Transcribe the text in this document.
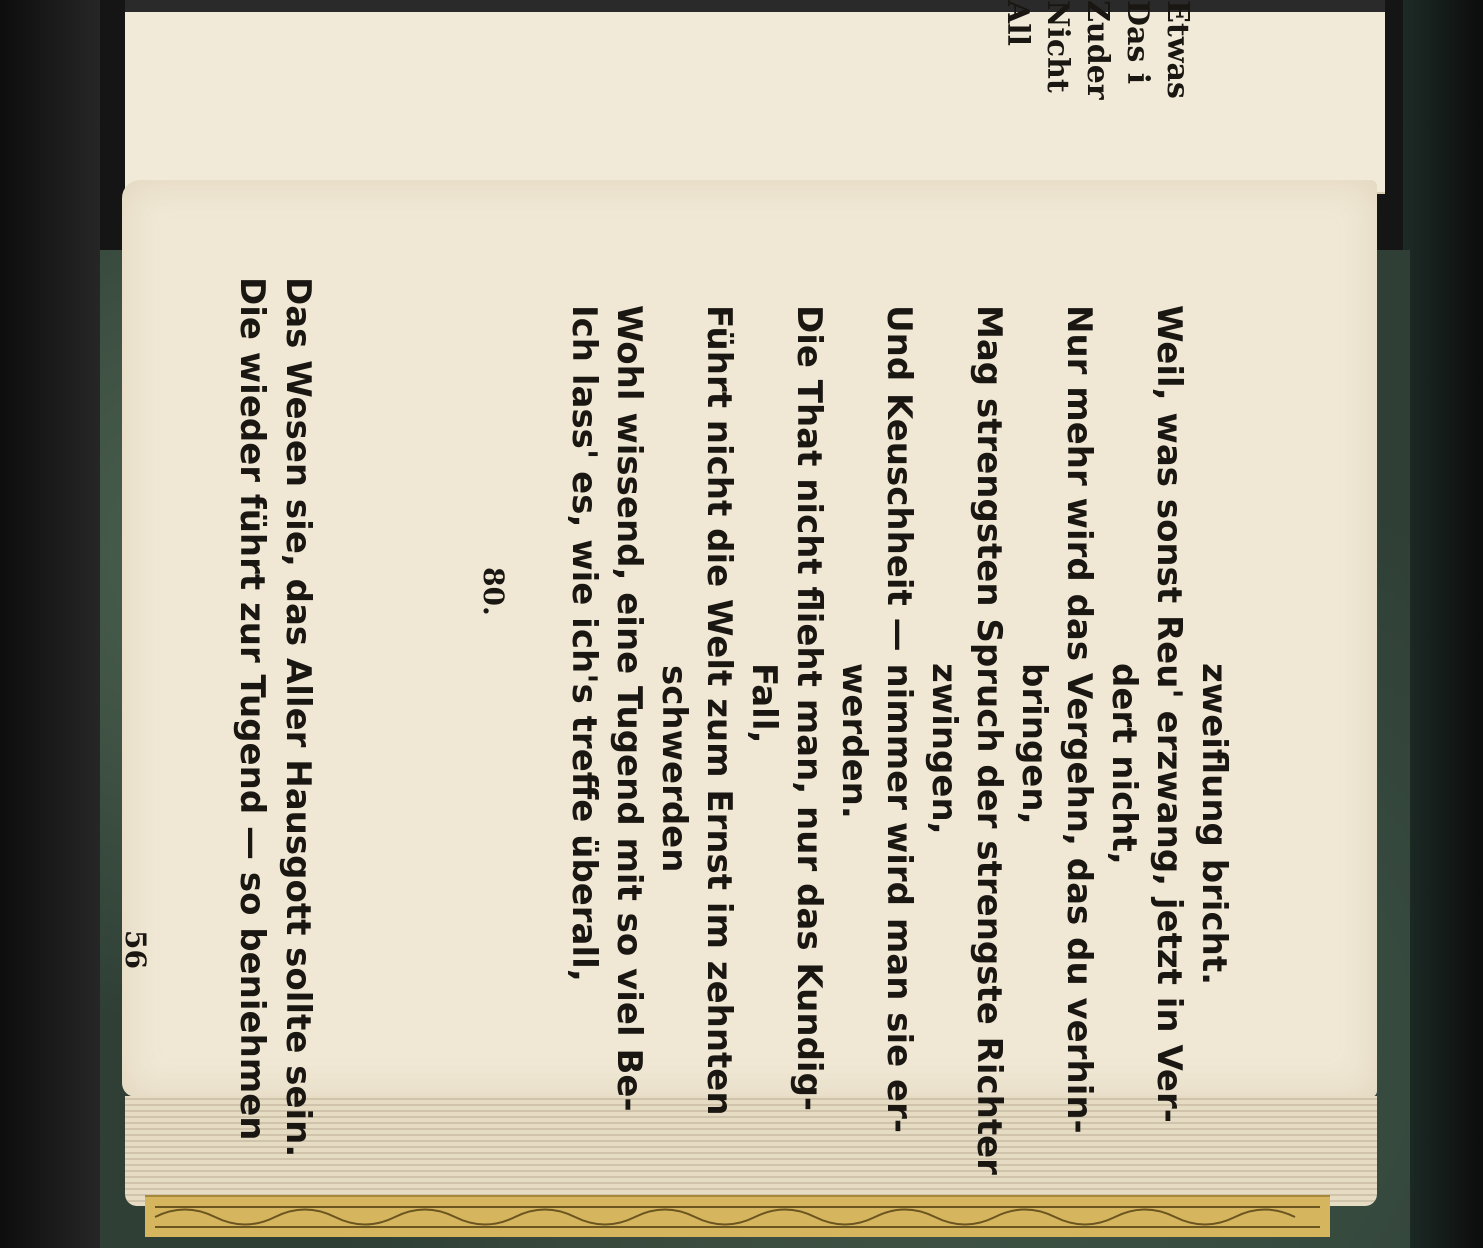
All Nicht Zuder Das i Etwas
56 Die wieder führt zur Tugend — so beniehmen Das Wesen sie, das Aller Hausgott sollte sein.	80. Ich lass' es, wie ich's treffe überall, Wohl wissend, eine Tugend mit so viel Be- schwerden Führt nicht die Welt zum Ernst im zehnten Fall, Die That nicht flieht man, nur das Kundig- werden. Und Keuschheit — nimmer wird man sie er- zwingen, Mag strengsten Spruch der strengste Richter bringen, Nur mehr wird das Vergehn, das du verhin- dert nicht, Weil, was sonst Reu' erzwang, jetzt in Ver- zweiflung bricht.
